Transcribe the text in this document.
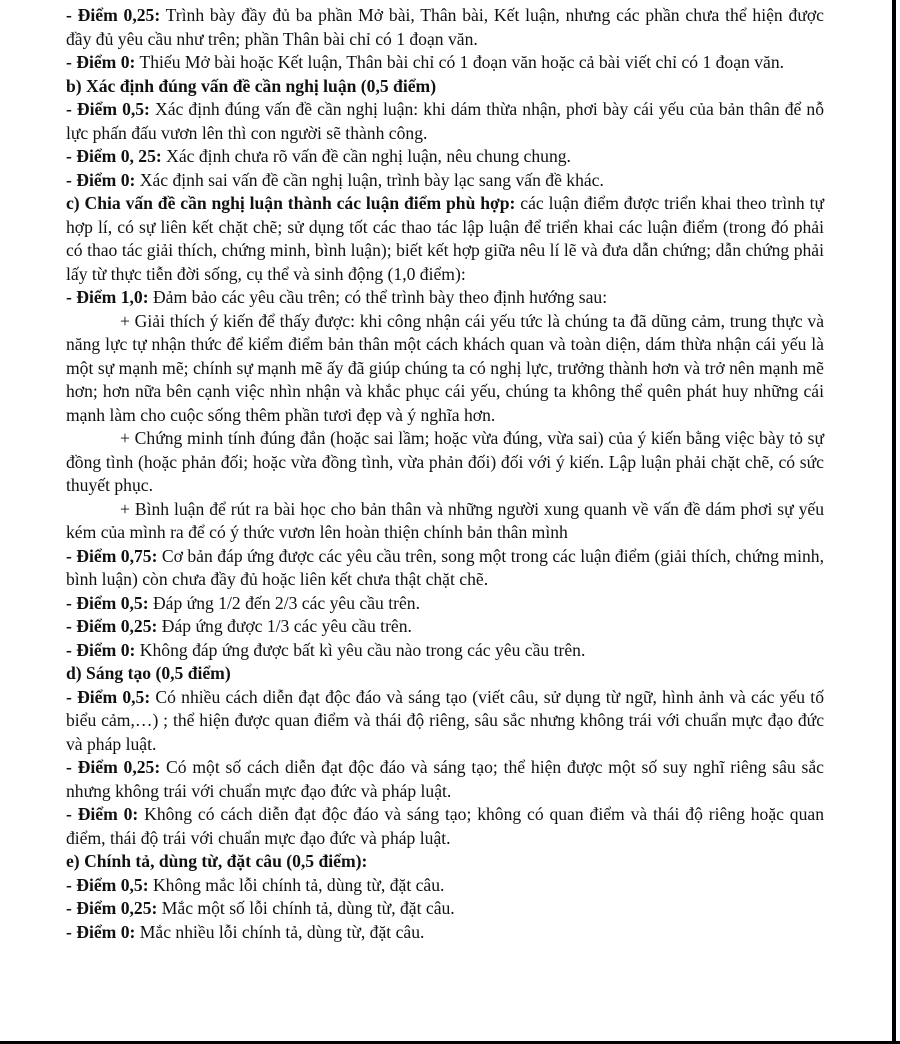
- Điểm 0,25: Trình bày đầy đủ ba phần Mở bài, Thân bài, Kết luận, nhưng các phần chưa thể hiện được đầy đủ yêu cầu như trên; phần Thân bài chỉ có 1 đoạn văn.

- Điểm 0: Thiếu Mở bài hoặc Kết luận, Thân bài chỉ có 1 đoạn văn hoặc cả bài viết chỉ có 1 đoạn văn.

b) Xác định đúng vấn đề cần nghị luận (0,5 điểm)

- Điểm 0,5: Xác định đúng vấn đề cần nghị luận: khi dám thừa nhận, phơi bày cái yếu của bản thân để nỗ lực phấn đấu vươn lên thì con người sẽ thành công.

- Điểm 0, 25: Xác định chưa rõ vấn đề cần nghị luận, nêu chung chung.

- Điểm 0: Xác định sai vấn đề cần nghị luận, trình bày lạc sang vấn đề khác.

c) Chia vấn đề cần nghị luận thành các luận điểm phù hợp: các luận điểm được triển khai theo trình tự hợp lí, có sự liên kết chặt chẽ; sử dụng tốt các thao tác lập luận để triển khai các luận điểm (trong đó phải có thao tác giải thích, chứng minh, bình luận); biết kết hợp giữa nêu lí lẽ và đưa dẫn chứng; dẫn chứng phải lấy từ thực tiễn đời sống, cụ thể và sinh động (1,0 điểm):

- Điểm 1,0: Đảm bảo các yêu cầu trên; có thể trình bày theo định hướng sau:

+ Giải thích ý kiến để thấy được: khi công nhận cái yếu tức là chúng ta đã dũng cảm, trung thực và năng lực tự nhận thức để kiểm điểm bản thân một cách khách quan và toàn diện, dám thừa nhận cái yếu là một sự mạnh mẽ; chính sự mạnh mẽ ấy đã giúp chúng ta có nghị lực, trưởng thành hơn và trở nên mạnh mẽ hơn; hơn nữa bên cạnh việc nhìn nhận và khắc phục cái yếu, chúng ta không thể quên phát huy những cái mạnh làm cho cuộc sống thêm phần tươi đẹp và ý nghĩa hơn.

+ Chứng minh tính đúng đắn (hoặc sai lầm; hoặc vừa đúng, vừa sai) của ý kiến bằng việc bày tỏ sự đồng tình (hoặc phản đối; hoặc vừa đồng tình, vừa phản đối) đối với ý kiến. Lập luận phải chặt chẽ, có sức thuyết phục.

+ Bình luận để rút ra bài học cho bản thân và những người xung quanh về vấn đề dám phơi sự yếu kém của mình ra để có ý thức vươn lên hoàn thiện chính bản thân mình

- Điểm 0,75: Cơ bản đáp ứng được các yêu cầu trên, song một trong các luận điểm (giải thích, chứng minh, bình luận) còn chưa đầy đủ hoặc liên kết chưa thật chặt chẽ.

- Điểm 0,5: Đáp ứng 1/2 đến 2/3 các yêu cầu trên.

- Điểm 0,25: Đáp ứng được 1/3 các yêu cầu trên.

- Điểm 0: Không đáp ứng được bất kì yêu cầu nào trong các yêu cầu trên.

d) Sáng tạo (0,5 điểm)

- Điểm 0,5: Có nhiều cách diễn đạt độc đáo và sáng tạo (viết câu, sử dụng từ ngữ, hình ảnh và các yếu tố biểu cảm,…) ; thể hiện được quan điểm và thái độ riêng, sâu sắc nhưng không trái với chuẩn mực đạo đức và pháp luật.

- Điểm 0,25: Có một số cách diễn đạt độc đáo và sáng tạo; thể hiện được một số suy nghĩ riêng sâu sắc nhưng không trái với chuẩn mực đạo đức và pháp luật.

- Điểm 0: Không có cách diễn đạt độc đáo và sáng tạo; không có quan điểm và thái độ riêng hoặc quan điểm, thái độ trái với chuẩn mực đạo đức và pháp luật.

e) Chính tả, dùng từ, đặt câu (0,5 điểm):

- Điểm 0,5: Không mắc lỗi chính tả, dùng từ, đặt câu.

- Điểm 0,25: Mắc một số lỗi chính tả, dùng từ, đặt câu.

- Điểm 0: Mắc nhiều lỗi chính tả, dùng từ, đặt câu.
